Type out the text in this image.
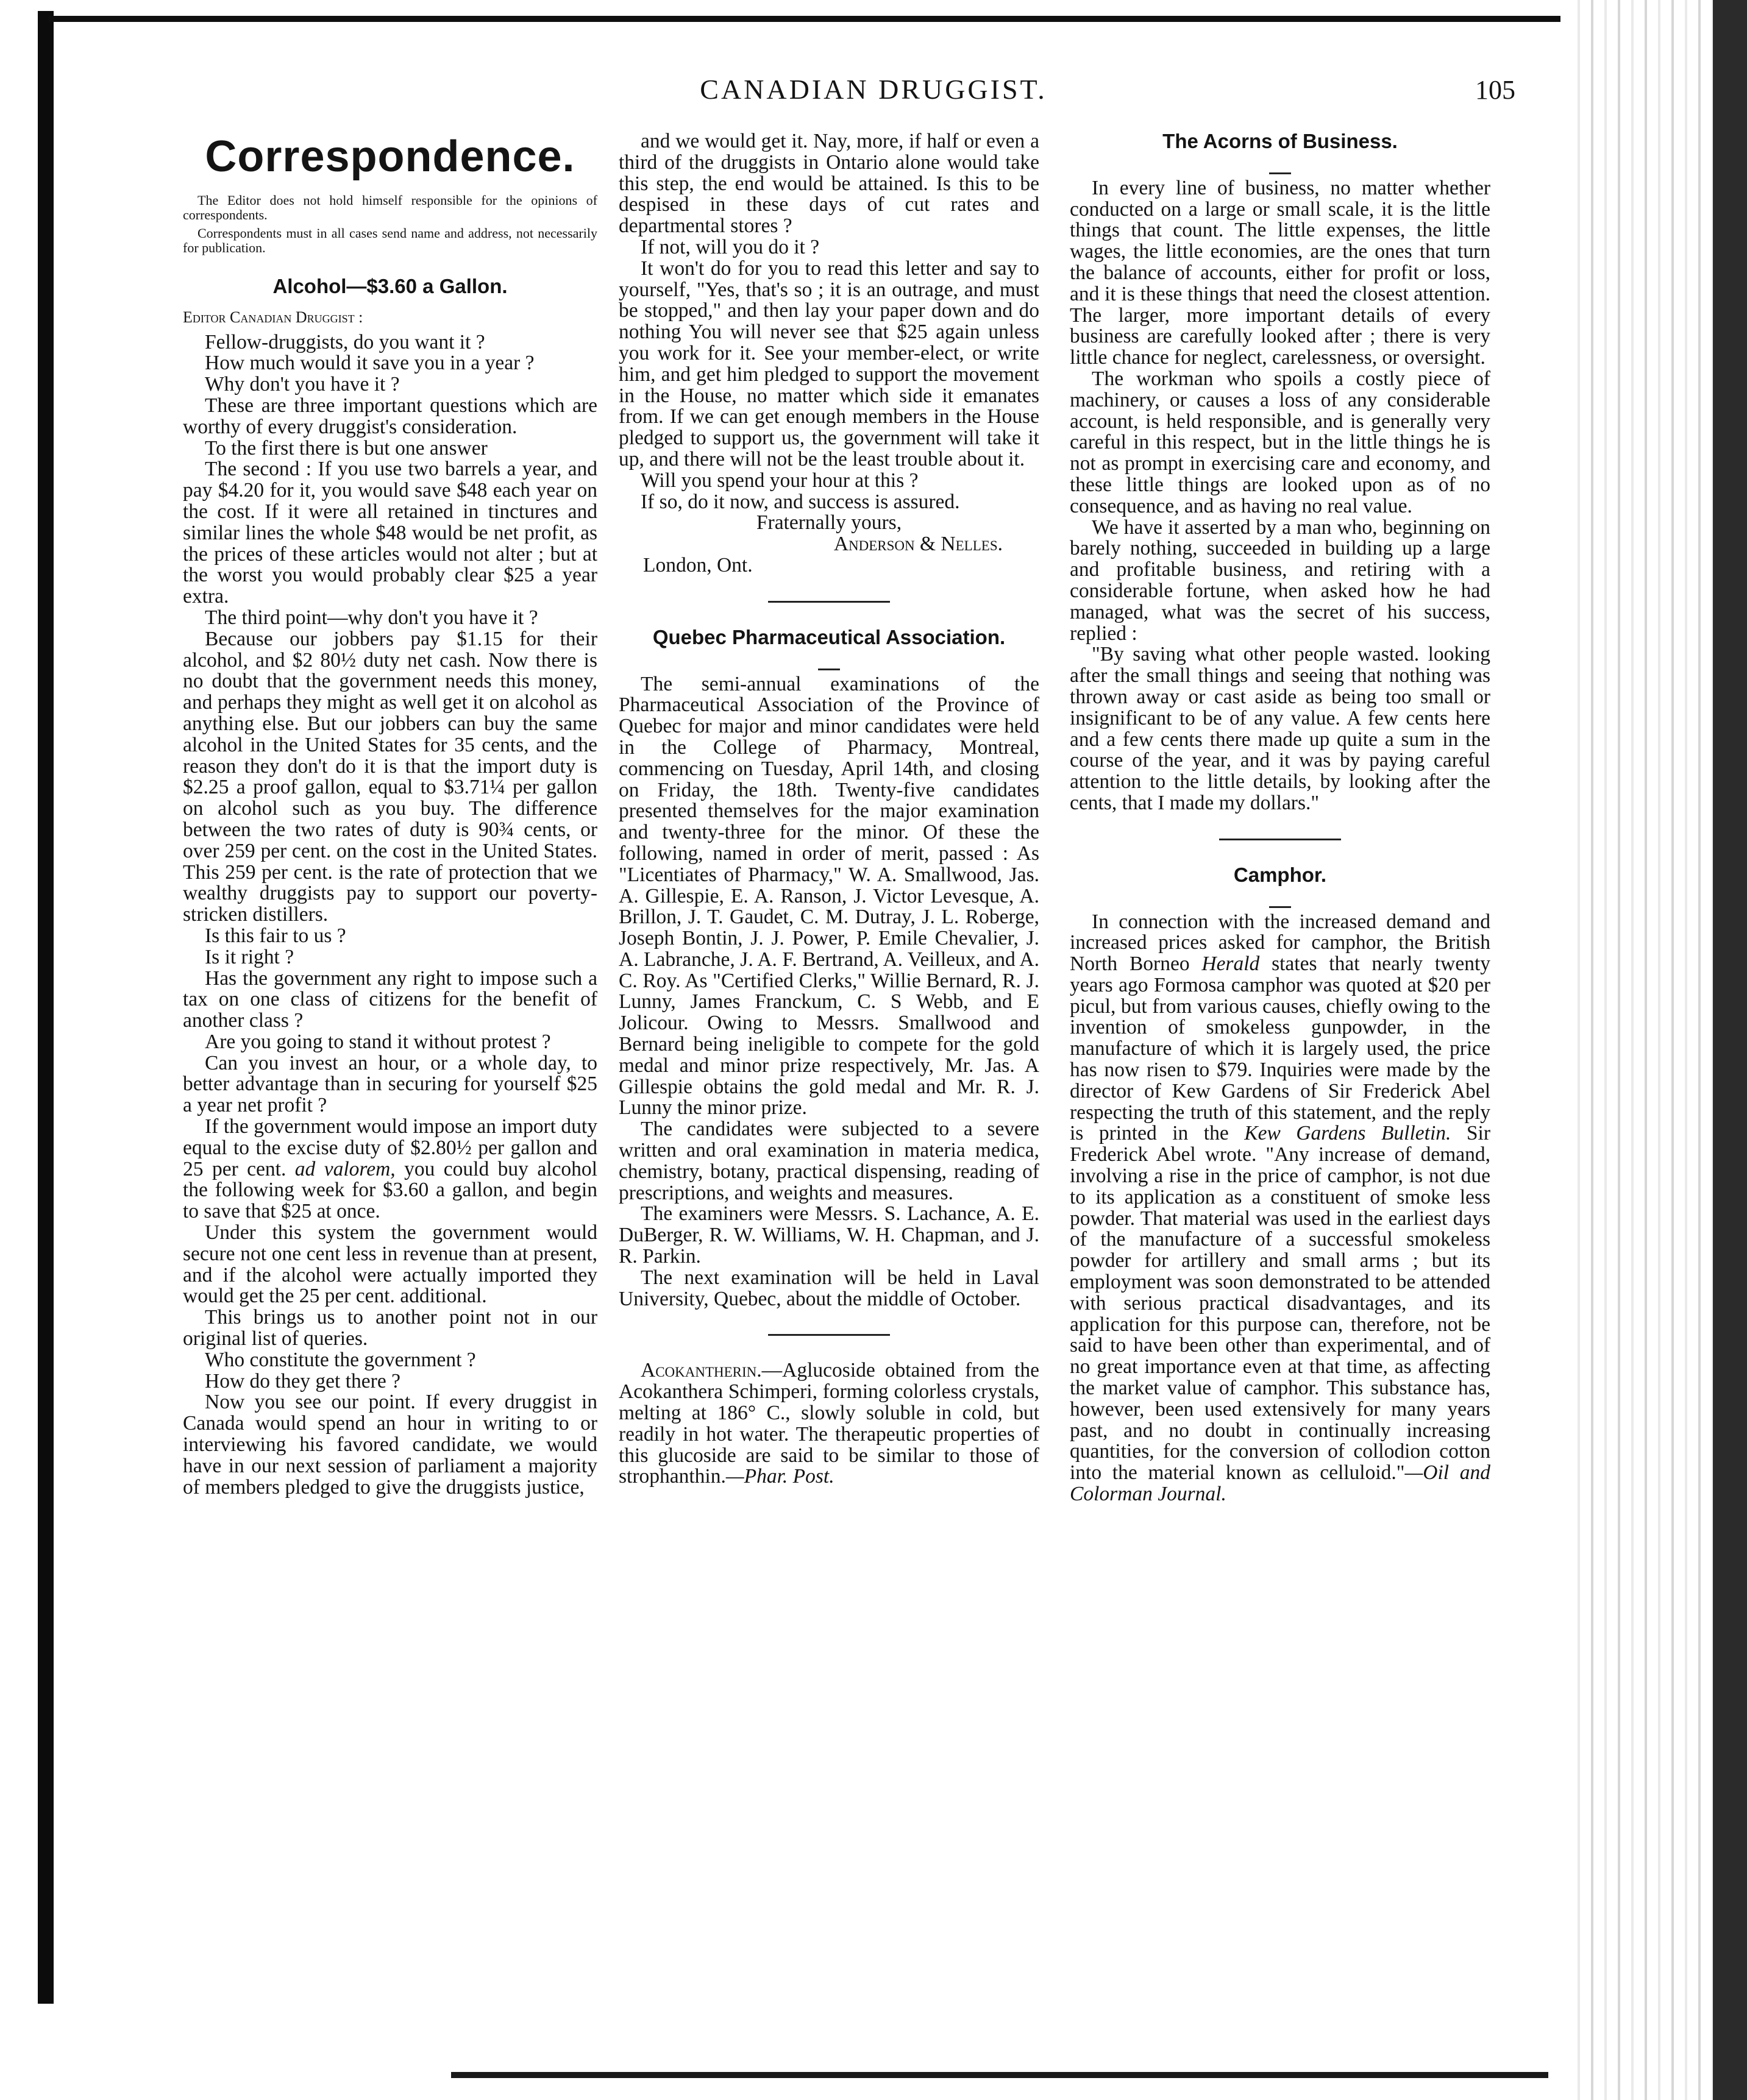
CANADIAN DRUGGIST.	105
Correspondence.

The Editor does not hold himself responsible for the opinions of correspondents.

Correspondents must in all cases send name and address, not necessarily for publication.

Alcohol—$3.60 a Gallon.

Editor Canadian Druggist :

Fellow-druggists, do you want it ?

How much would it save you in a year ?

Why don't you have it ?

These are three important questions which are worthy of every druggist's consideration.

To the first there is but one answer

The second : If you use two barrels a year, and pay $4.20 for it, you would save $48 each year on the cost. If it were all retained in tinctures and similar lines the whole $48 would be net profit, as the prices of these articles would not alter ; but at the worst you would probably clear $25 a year extra.

The third point—why don't you have it ?

Because our jobbers pay $1.15 for their alcohol, and $2 80½ duty net cash. Now there is no doubt that the government needs this money, and perhaps they might as well get it on alcohol as anything else. But our jobbers can buy the same alcohol in the United States for 35 cents, and the reason they don't do it is that the import duty is $2.25 a proof gallon, equal to $3.71¼ per gallon on alcohol such as you buy. The difference between the two rates of duty is 90¾ cents, or over 259 per cent. on the cost in the United States. This 259 per cent. is the rate of protection that we wealthy druggists pay to support our poverty-stricken distillers.

Is this fair to us ?

Is it right ?

Has the government any right to impose such a tax on one class of citizens for the benefit of another class ?

Are you going to stand it without protest ?

Can you invest an hour, or a whole day, to better advantage than in securing for yourself $25 a year net profit ?

If the government would impose an import duty equal to the excise duty of $2.80½ per gallon and 25 per cent. ad valorem, you could buy alcohol the following week for $3.60 a gallon, and begin to save that $25 at once.

Under this system the government would secure not one cent less in revenue than at present, and if the alcohol were actually imported they would get the 25 per cent. additional.

This brings us to another point not in our original list of queries.

Who constitute the government ?

How do they get there ?

Now you see our point. If every druggist in Canada would spend an hour in writing to or interviewing his favored candidate, we would have in our next session of parliament a majority of members pledged to give the druggists justice,

and we would get it. Nay, more, if half or even a third of the druggists in Ontario alone would take this step, the end would be attained. Is this to be despised in these days of cut rates and departmental stores ?

If not, will you do it ?

It won't do for you to read this letter and say to yourself, "Yes, that's so ; it is an outrage, and must be stopped," and then lay your paper down and do nothing You will never see that $25 again unless you work for it. See your member-elect, or write him, and get him pledged to support the movement in the House, no matter which side it emanates from. If we can get enough members in the House pledged to support us, the government will take it up, and there will not be the least trouble about it.

Will you spend your hour at this ?

If so, do it now, and success is assured.

Fraternally yours,

Anderson & Nelles.

London, Ont.

Quebec Pharmaceutical Association.

The semi-annual examinations of the Pharmaceutical Association of the Province of Quebec for major and minor candidates were held in the College of Pharmacy, Montreal, commencing on Tuesday, April 14th, and closing on Friday, the 18th. Twenty-five candidates presented themselves for the major examination and twenty-three for the minor. Of these the following, named in order of merit, passed : As "Licentiates of Pharmacy," W. A. Smallwood, Jas. A. Gillespie, E. A. Ranson, J. Victor Levesque, A. Brillon, J. T. Gaudet, C. M. Dutray, J. L. Roberge, Joseph Bontin, J. J. Power, P. Emile Chevalier, J. A. Labranche, J. A. F. Bertrand, A. Veilleux, and A. C. Roy. As "Certified Clerks," Willie Bernard, R. J. Lunny, James Franckum, C. S Webb, and E Jolicour. Owing to Messrs. Smallwood and Bernard being ineligible to compete for the gold medal and minor prize respectively, Mr. Jas. A Gillespie obtains the gold medal and Mr. R. J. Lunny the minor prize.

The candidates were subjected to a severe written and oral examination in materia medica, chemistry, botany, practical dispensing, reading of prescriptions, and weights and measures.

The examiners were Messrs. S. Lachance, A. E. DuBerger, R. W. Williams, W. H. Chapman, and J. R. Parkin.

The next examination will be held in Laval University, Quebec, about the middle of October.

Acokantherin.—Aglucoside obtained from the Acokanthera Schimperi, forming colorless crystals, melting at 186° C., slowly soluble in cold, but readily in hot water. The therapeutic properties of this glucoside are said to be similar to those of strophanthin.—Phar. Post.

The Acorns of Business.

In every line of business, no matter whether conducted on a large or small scale, it is the little things that count. The little expenses, the little wages, the little economies, are the ones that turn the balance of accounts, either for profit or loss, and it is these things that need the closest attention. The larger, more important details of every business are carefully looked after ; there is very little chance for neglect, carelessness, or oversight.

The workman who spoils a costly piece of machinery, or causes a loss of any considerable account, is held responsible, and is generally very careful in this respect, but in the little things he is not as prompt in exercising care and economy, and these little things are looked upon as of no consequence, and as having no real value.

We have it asserted by a man who, beginning on barely nothing, succeeded in building up a large and profitable business, and retiring with a considerable fortune, when asked how he had managed, what was the secret of his success, replied :

"By saving what other people wasted. looking after the small things and seeing that nothing was thrown away or cast aside as being too small or insignificant to be of any value. A few cents here and a few cents there made up quite a sum in the course of the year, and it was by paying careful attention to the little details, by looking after the cents, that I made my dollars."

Camphor.

In connection with the increased demand and increased prices asked for camphor, the British North Borneo Herald states that nearly twenty years ago Formosa camphor was quoted at $20 per picul, but from various causes, chiefly owing to the invention of smokeless gunpowder, in the manufacture of which it is largely used, the price has now risen to $79. Inquiries were made by the director of Kew Gardens of Sir Frederick Abel respecting the truth of this statement, and the reply is printed in the Kew Gardens Bulletin. Sir Frederick Abel wrote. "Any increase of demand, involving a rise in the price of camphor, is not due to its application as a constituent of smoke less powder. That material was used in the earliest days of the manufacture of a successful smokeless powder for artillery and small arms ; but its employment was soon demonstrated to be attended with serious practical disadvantages, and its application for this purpose can, therefore, not be said to have been other than experimental, and of no great importance even at that time, as affecting the market value of camphor. This substance has, however, been used extensively for many years past, and no doubt in continually increasing quantities, for the conversion of collodion cotton into the material known as celluloid."—Oil and Colorman Journal.
